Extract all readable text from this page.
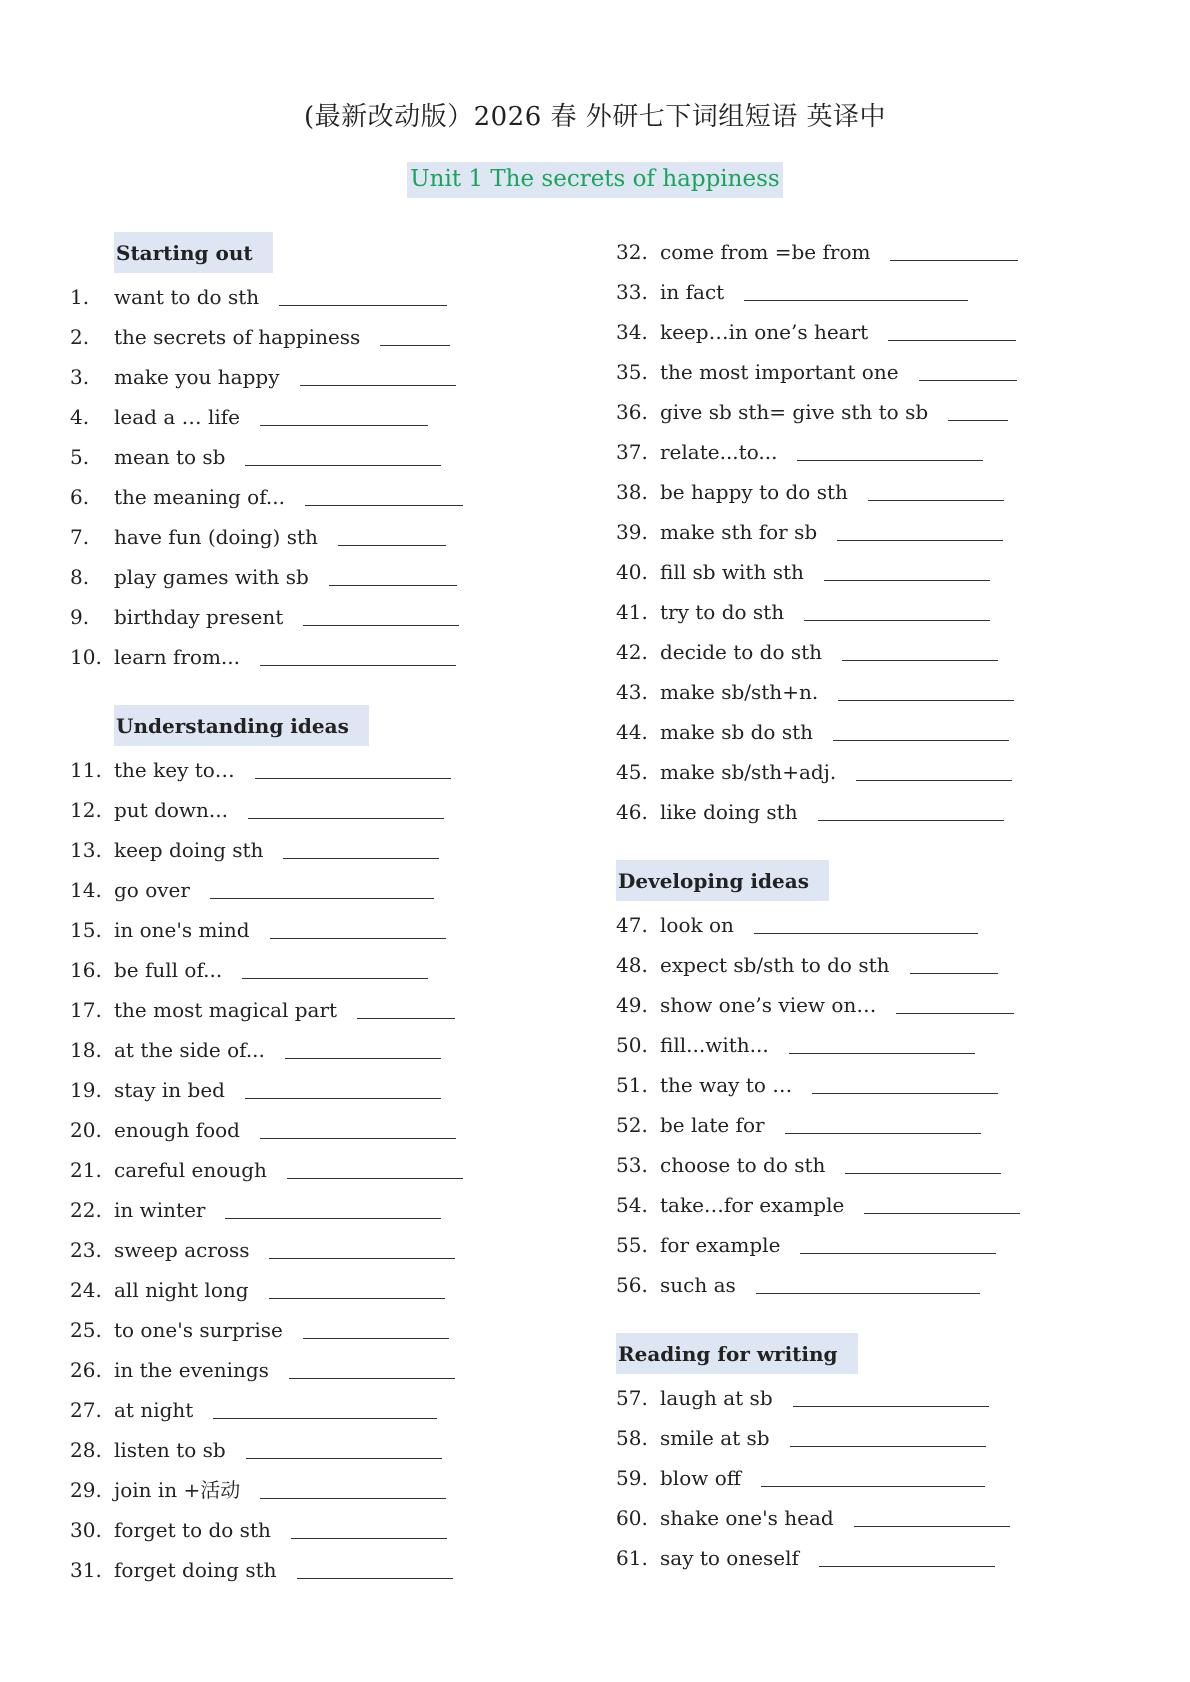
(最新改动版）2026 春 外研七下词组短语 英译中
Unit 1 The secrets of happiness
Starting out
1.	want to do sth
2.	the secrets of happiness
3.	make you happy
4.	lead a … life
5.	mean to sb
6.	the meaning of...
7.	have fun (doing) sth
8.	play games with sb
9.	birthday present
10. learn from...
Understanding ideas
11. the key to…
12. put down...
13. keep doing sth
14. go over
15. in one's mind
16. be full of...
17. the most magical part
18. at the side of...
19. stay in bed
20. enough food
21. careful enough
22. in winter
23. sweep across
24. all night long
25. to one's surprise
26. in the evenings
27. at night
28. listen to sb
29. join in +活动
30. forget to do sth
31. forget doing sth
32. come from =be from
33. in fact
34. keep…in one’s heart
35. the most important one
36. give sb sth= give sth to sb
37. relate...to...
38. be happy to do sth
39. make sth for sb
40. fill sb with sth
41. try to do sth
42. decide to do sth
43. make sb/sth+n.
44. make sb do sth
45. make sb/sth+adj.
46. like doing sth
Developing ideas
47. look on
48. expect sb/sth to do sth
49. show one’s view on…
50. fill...with...
51. the way to …
52. be late for
53. choose to do sth
54. take…for example
55. for example
56. such as
Reading for writing
57. laugh at sb
58. smile at sb
59. blow off
60. shake one's head
61. say to oneself
